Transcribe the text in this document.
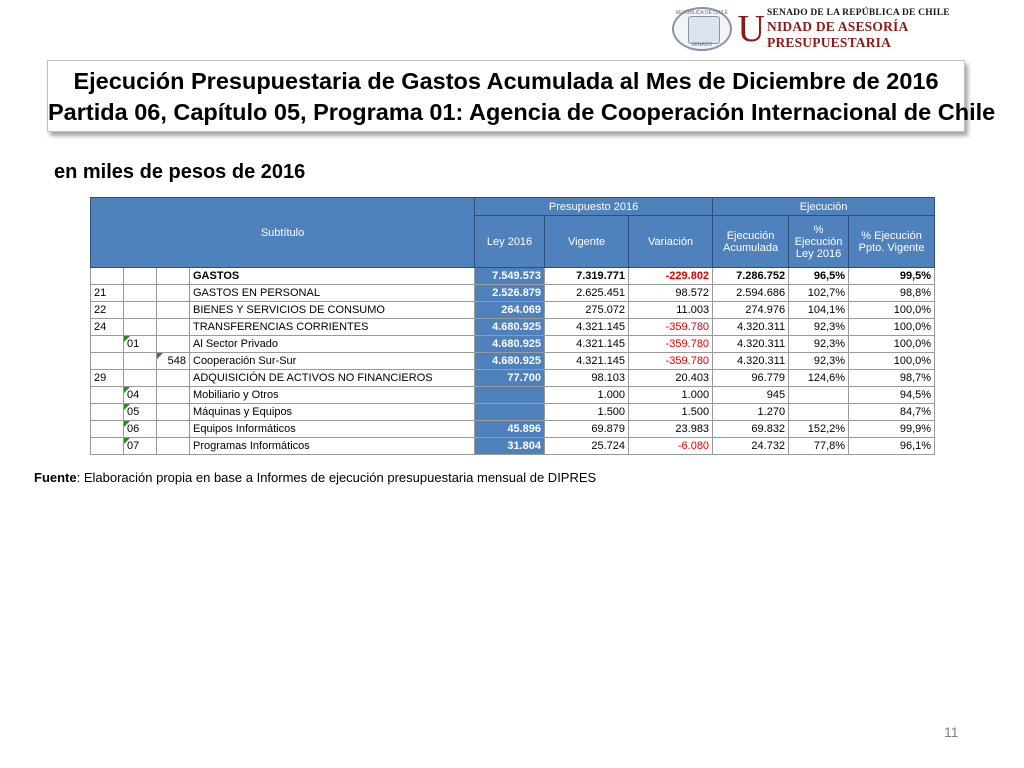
REPÚBLICA DE CHILE
SENADO U SENADO DE LA REPÚBLICA DE CHILE
NIDAD DE ASESORÍA PRESUPUESTARIA
Ejecución Presupuestaria de Gastos Acumulada al Mes de Diciembre de 2016
Partida 06, Capítulo 05, Programa 01: Agencia de Cooperación Internacional de Chile
en miles de pesos de 2016
Subtítulo				Presupuesto 2016			Ejecución		
				Ley 2016	Vigente	Variación	Ejecución Acumulada	% Ejecución Ley 2016	% Ejecución Ppto. Vigente
			GASTOS	7.549.573	7.319.771	-229.802	7.286.752	96,5%	99,5%
21			GASTOS EN PERSONAL	2.526.879	2.625.451	98.572	2.594.686	102,7%	98,8%
22			BIENES Y SERVICIOS DE CONSUMO	264.069	275.072	11.003	274.976	104,1%	100,0%
24			TRANSFERENCIAS CORRIENTES	4.680.925	4.321.145	-359.780	4.320.311	92,3%	100,0%
	01		Al Sector Privado	4.680.925	4.321.145	-359.780	4.320.311	92,3%	100,0%
		548	Cooperación Sur-Sur	4.680.925	4.321.145	-359.780	4.320.311	92,3%	100,0%
29			ADQUISICIÓN DE ACTIVOS NO FINANCIEROS	77.700	98.103	20.403	96.779	124,6%	98,7%
	04		Mobiliario y Otros		1.000	1.000	945		94,5%
	05		Máquinas y Equipos		1.500	1.500	1.270		84,7%
	06		Equipos Informáticos	45.896	69.879	23.983	69.832	152,2%	99,9%
	07		Programas Informáticos	31.804	25.724	-6.080	24.732	77,8%	96,1%
Fuente: Elaboración propia en base a Informes de ejecución presupuestaria mensual de DIPRES
11
